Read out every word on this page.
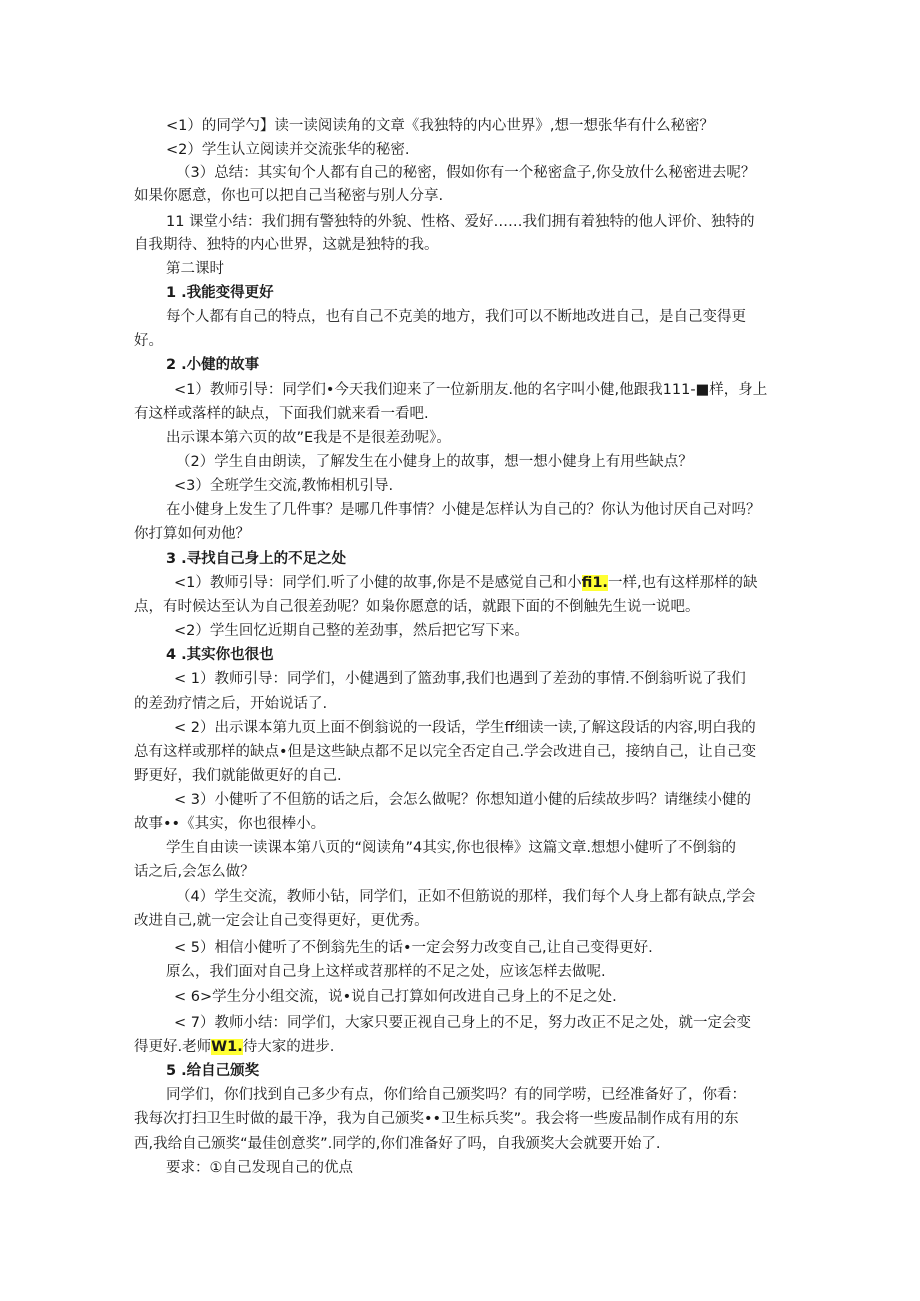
<1）的同学勺】读一读阅读角的文章《我独特的内心世界》,想一想张华有什么秘密？
<2）学生认立阅读并交流张华的秘密.
（3）总结：其实旬个人都有自己的秘密，假如你有一个秘密盒子,你殳放什么秘密进去呢？
如果你愿意，你也可以把自己当秘密与别人分享.
11 课堂小结：我们拥有警独特的外貌、性格、爱好……我们拥有着独特的他人评价、独特的
自我期待、独特的内心世界，这就是独特的我。
第二课时
1 .我能变得更好
每个人都有自己的特点，也有自己不克美的地方，我们可以不断地改进自己，是自己变得更
好。
2 .小健的故事
<1）教师引导：同学们•今天我们迎来了一位新朋友.他的名字叫小健,他跟我111-■样，身上
有这样或落样的缺点，下面我们就来看一看吧.
出示课本第六页的故”E我是不是很差劲呢》。
（2）学生自由朗读，了解发生在小健身上的故事，想一想小健身上有用些缺点？
<3）全班学生交流,教怖相机引导.
在小健身上发生了几件事？是哪几件事情？小健是怎样认为自己的？你认为他讨厌自己对吗？
你打算如何劝他？
3 .寻找自己身上的不足之处
<1）教师引导：同学们.听了小健的故事,你是不是感觉自己和小fi1.一样,也有这样那样的缺
点，有时候达至认为自己很差劲呢？如枭你愿意的话，就跟下面的不倒触先生说一说吧。
<2）学生回忆近期自己整的差劲事，然后把它写下来。
4 .其实你也很也
< 1）教师引导：同学们，小健遇到了篮劲事,我们也遇到了差劲的事情.不倒翁听说了我们
的差劲疗情之后，开始说话了.
< 2）出示课本第九页上面不倒翁说的一段话，学生ff细读一读,了解这段话的内容,明白我的
总有这样或那样的缺点•但是这些缺点都不足以完全否定自己.学会改进自己，接纳自己，让自己变
野更好，我们就能做更好的自己.
< 3）小健听了不但筋的话之后，会怎么做呢？你想知道小健的后续故步吗？请继续小健的
故事••《其实，你也很棒小。
学生自由读一读课本第八页的“阅读角”4其实,你也很棒》这篇文章.想想小健听了不倒翁的
话之后,会怎么做？
（4）学生交流，教师小钻，同学们，正如不但筋说的那样，我们每个人身上都有缺点,学会
改进自己,就一定会让自己变得更好，更优秀。
< 5）相信小健听了不倒翁先生的话•一定会努力改变自己,让自己变得更好.
原么，我们面对自己身上这样或苕那样的不足之处，应该怎样去做呢.
< 6>学生分小组交流，说•说自己打算如何改进自己身上的不足之处.
< 7）教师小结：同学们，大家只要正视自己身上的不足，努力改正不足之处，就一定会变
得更好.老师W1.待大家的进步.
5 .给自己颁奖
同学们，你们找到自己多少有点，你们给自己颁奖吗？有的同学唠，已经准备好了，你看：
我每次打扫卫生时做的最干净，我为自己颁奖••卫生标兵奖”。我会将一些废品制作成有用的东
西,我给自己颁奖“最佳创意奖”.同学的,你们准备好了吗，自我颁奖大会就要开始了.
要求：①自己发现自己的优点
